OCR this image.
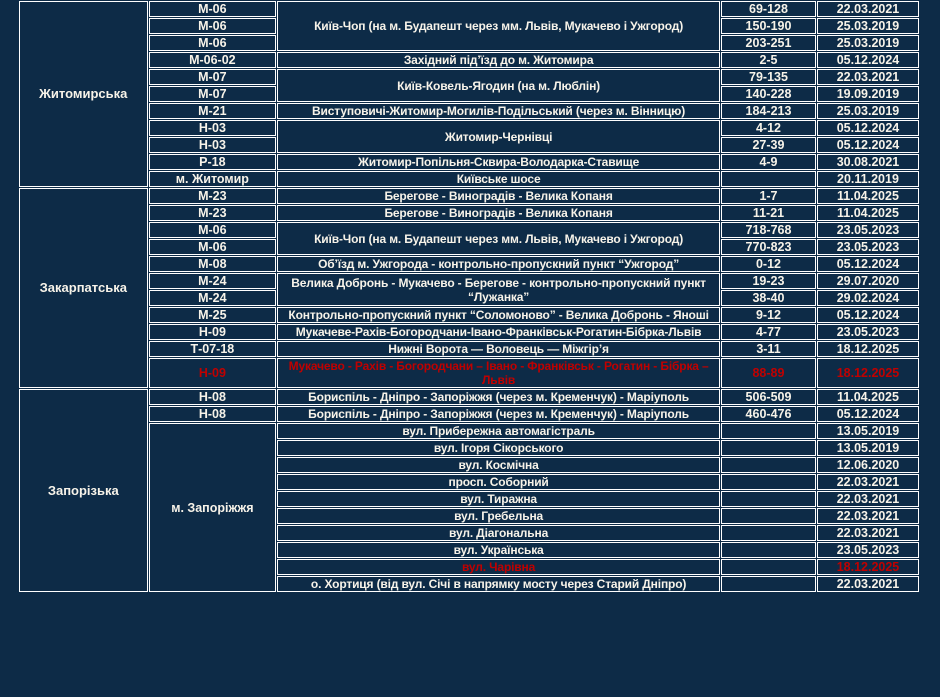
Житомирська	М-06	Київ-Чоп (на м. Будапешт через мм. Львів, Мукачево і Ужгород)	69-128	22.03.2021
	М-06		150-190	25.03.2019
	М-06		203-251	25.03.2019
	М-06-02	Західний під’їзд до м. Житомира	2-5	05.12.2024
	М-07	Київ-Ковель-Ягодин (на м. Люблін)	79-135	22.03.2021
	М-07		140-228	19.09.2019
	М-21	Виступовичі-Житомир-Могилів-Подільський (через м. Вінницю)	184-213	25.03.2019
	Н-03	Житомир-Чернівці	4-12	05.12.2024
	Н-03		27-39	05.12.2024
	Р-18	Житомир-Попільня-Сквира-Володарка-Ставище	4-9	30.08.2021
	м. Житомир	Київське шосе		20.11.2019
Закарпатська	М-23	Берегове - Виноградів - Велика Копаня	1-7	11.04.2025
	М-23	Берегове - Виноградів - Велика Копаня	11-21	11.04.2025
	М-06	Київ-Чоп (на м. Будапешт через мм. Львів, Мукачево і Ужгород)	718-768	23.05.2023
	М-06		770-823	23.05.2023
	М-08	Об’їзд м. Ужгорода - контрольно-пропускний пункт “Ужгород”	0-12	05.12.2024
	М-24	Велика Добронь - Мукачево - Берегове - контрольно-пропускний пункт “Лужанка”	19-23	29.07.2020
	М-24		38-40	29.02.2024
	М-25	Контрольно-пропускний пункт “Соломоново” - Велика Добронь - Яноші	9-12	05.12.2024
	Н-09	Мукачеве-Рахів-Богородчани-Івано-Франківськ-Рогатин-Бібрка-Львів	4-77	23.05.2023
	Т-07-18	Нижні Ворота — Воловець — Міжгір’я	3-11	18.12.2025
	Н-09	Мукачево - Рахів - Богородчани – Івано - Франківськ - Рогатин - Бібрка – Львів	88-89	18.12.2025
Запорізька	Н-08	Бориспіль - Дніпро - Запоріжжя (через м. Кременчук) - Маріуполь	506-509	11.04.2025
	Н-08	Бориспіль - Дніпро - Запоріжжя (через м. Кременчук) - Маріуполь	460-476	05.12.2024
	м. Запоріжжя	вул. Прибережна автомагістраль		13.05.2019
		вул. Ігоря Сікорського		13.05.2019
		вул. Космічна		12.06.2020
		просп. Соборний		22.03.2021
		вул. Тиражна		22.03.2021
		вул. Гребельна		22.03.2021
		вул. Діагональна		22.03.2021
		вул. Українська		23.05.2023
		вул. Чарівна		18.12.2025
		о. Хортиця (від вул. Січі в напрямку мосту через Старий Дніпро)		22.03.2021
